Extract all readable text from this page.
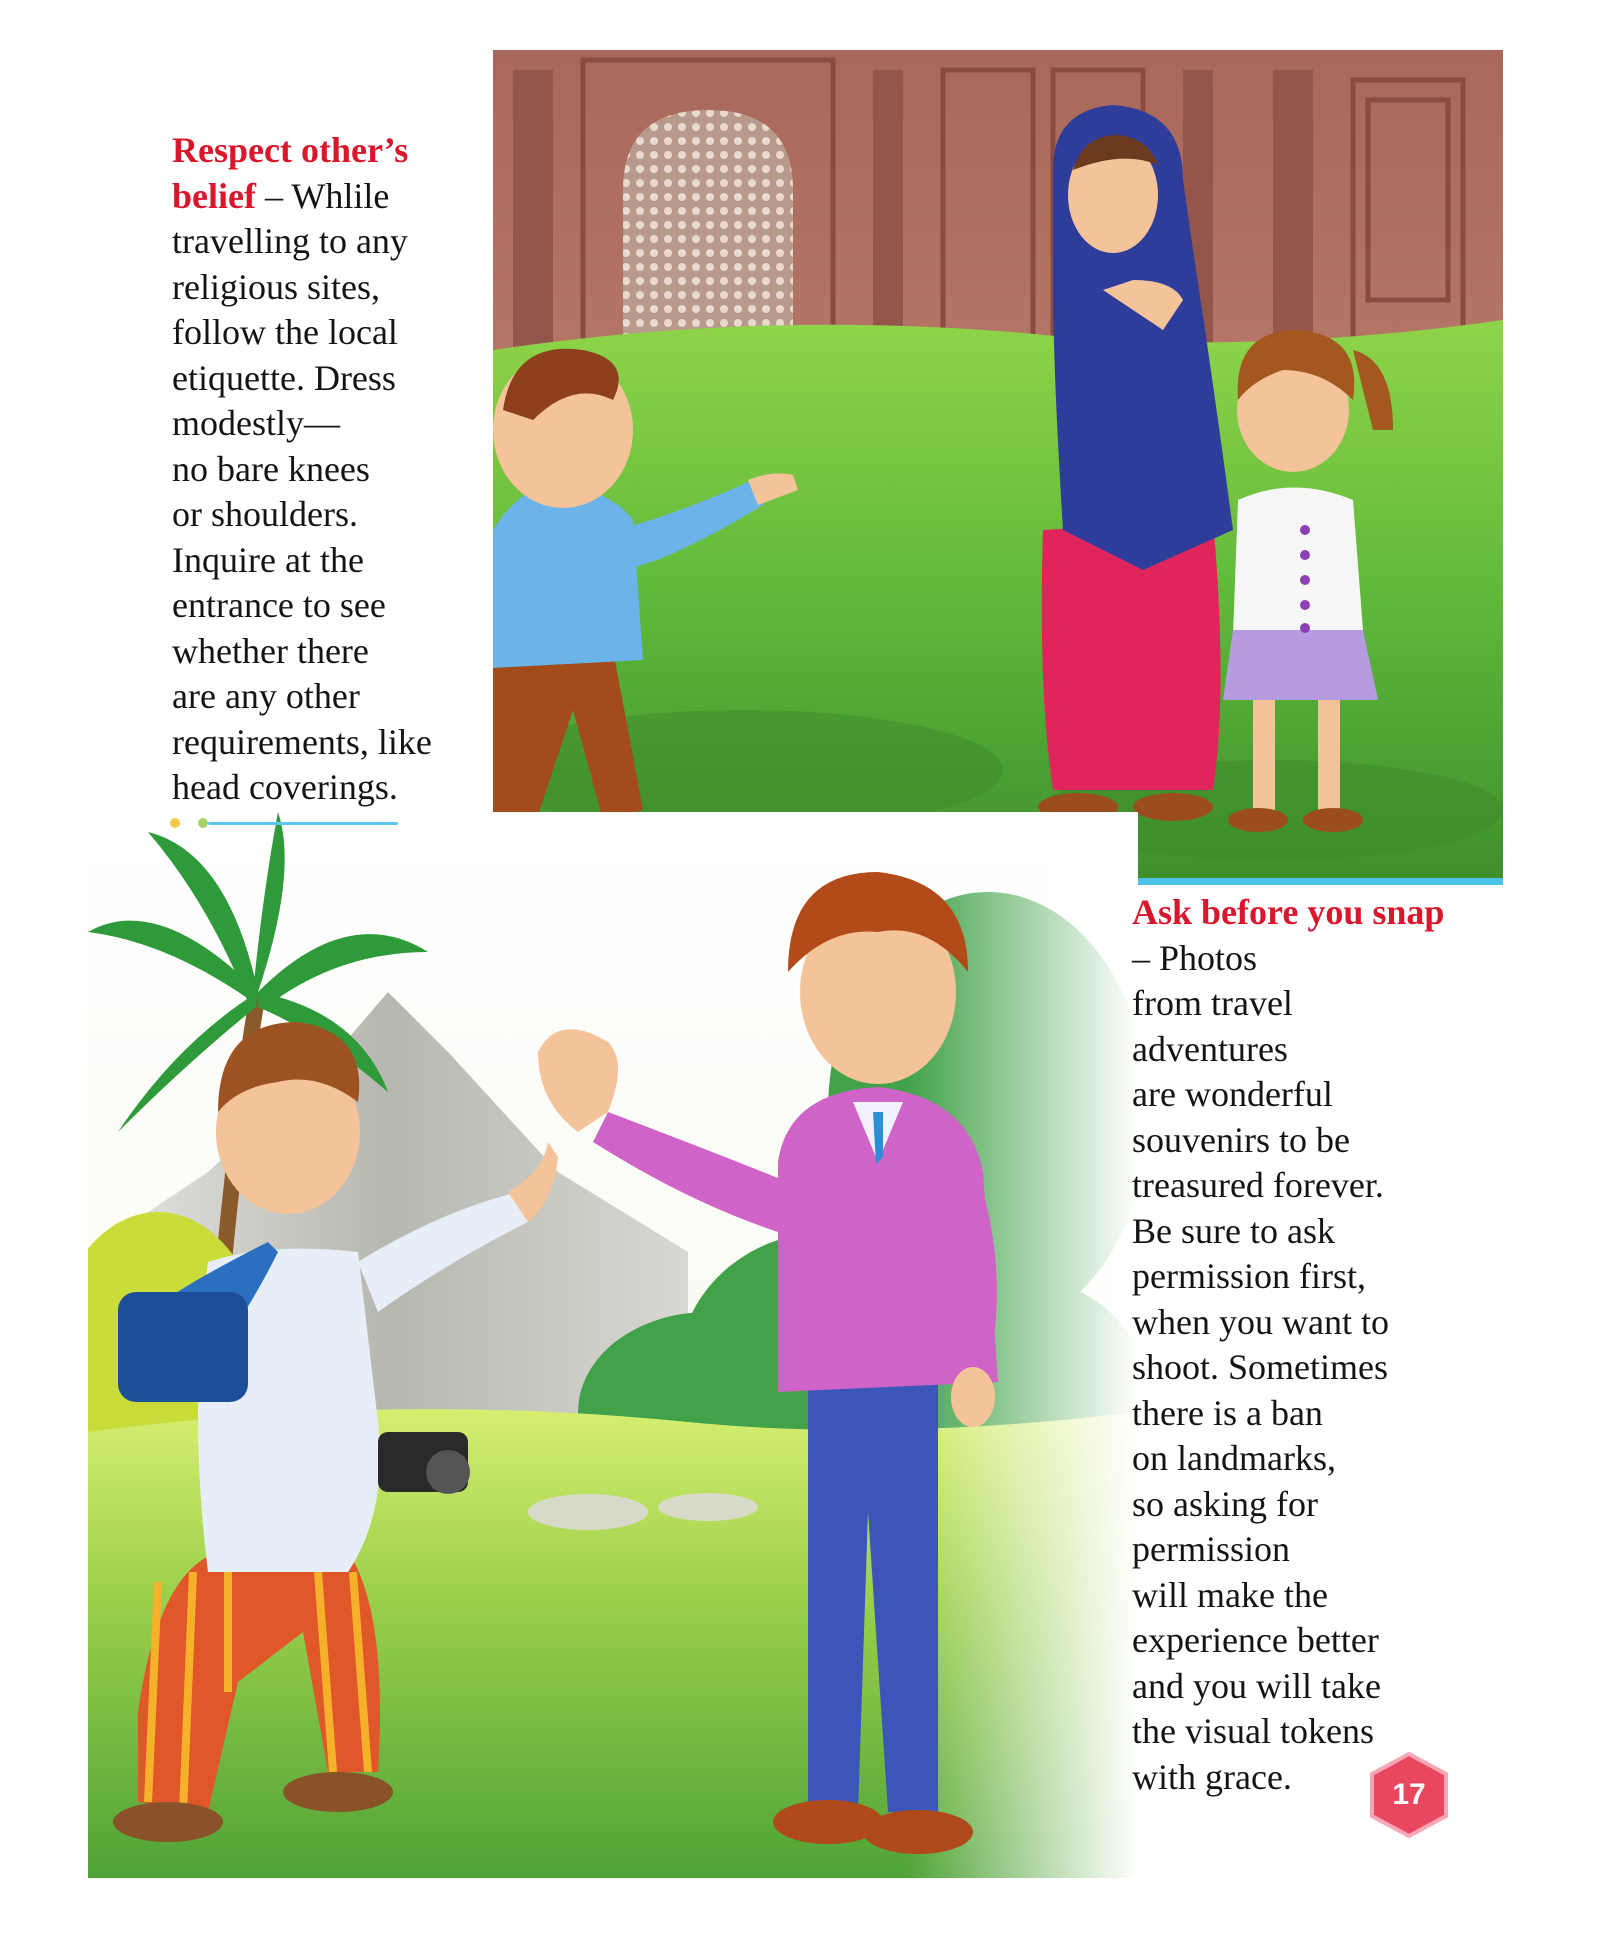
Respect other’s belief – Whlile
travelling to any
religious sites,
follow the local
etiquette. Dress
modestly—
no bare knees
or shoulders.
Inquire at the
entrance to see
whether there
are any other
requirements, like
head coverings.

Ask before you snap – Photos
from travel
adventures
are wonderful
souvenirs to be
treasured forever.
Be sure to ask
permission first,
when you want to
shoot. Sometimes
there is a ban
on landmarks,
so asking for
permission
will make the
experience better
and you will take
the visual tokens
with grace.	17
